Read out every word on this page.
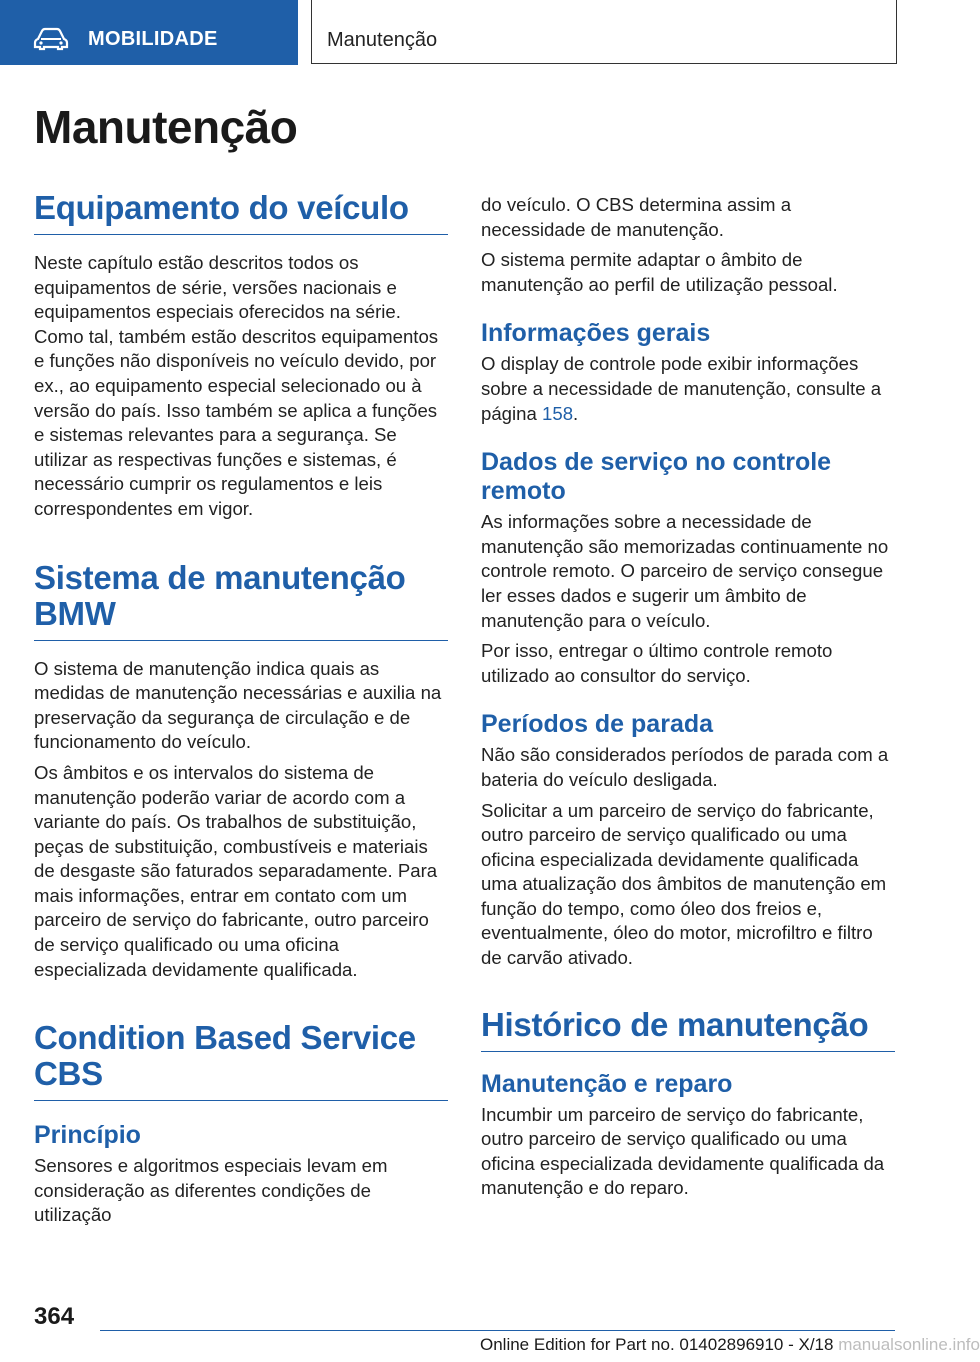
MOBILIDADE	Manutenção
Manutenção
Equipamento do veículo

Neste capítulo estão descritos todos os equipamentos de série, versões nacionais e equipamentos especiais oferecidos na série. Como tal, também estão descritos equipamentos e funções não disponíveis no veículo devido, por ex., ao equipamento especial selecionado ou à versão do país. Isso também se aplica a funções e sistemas relevantes para a segurança. Se utilizar as respectivas funções e sistemas, é necessário cumprir os regulamentos e leis correspondentes em vigor.

Sistema de manutenção BMW

O sistema de manutenção indica quais as medidas de manutenção necessárias e auxilia na preservação da segurança de circulação e de funcionamento do veículo.

Os âmbitos e os intervalos do sistema de manutenção poderão variar de acordo com a variante do país. Os trabalhos de substituição, peças de substituição, combustíveis e materiais de desgaste são faturados separadamente. Para mais informações, entrar em contato com um parceiro de serviço do fabricante, outro parceiro de serviço qualificado ou uma oficina especializada devidamente qualificada.

Condition Based Service CBS
Princípio

Sensores e algoritmos especiais levam em consideração as diferentes condições de utilização

do veículo. O CBS determina assim a necessidade de manutenção.

O sistema permite adaptar o âmbito de manutenção ao perfil de utilização pessoal.

Informações gerais

O display de controle pode exibir informações sobre a necessidade de manutenção, consulte a página 158.

Dados de serviço no controle remoto

As informações sobre a necessidade de manutenção são memorizadas continuamente no controle remoto. O parceiro de serviço consegue ler esses dados e sugerir um âmbito de manutenção para o veículo.

Por isso, entregar o último controle remoto utilizado ao consultor do serviço.

Períodos de parada

Não são considerados períodos de parada com a bateria do veículo desligada.

Solicitar a um parceiro de serviço do fabricante, outro parceiro de serviço qualificado ou uma oficina especializada devidamente qualificada uma atualização dos âmbitos de manutenção em função do tempo, como óleo dos freios e, eventualmente, óleo do motor, microfiltro e filtro de carvão ativado.

Histórico de manutenção
Manutenção e reparo

Incumbir um parceiro de serviço do fabricante, outro parceiro de serviço qualificado ou uma oficina especializada devidamente qualificada da manutenção e do reparo.

364
Online Edition for Part no. 01402896910 - X/18 manualsonline.info
